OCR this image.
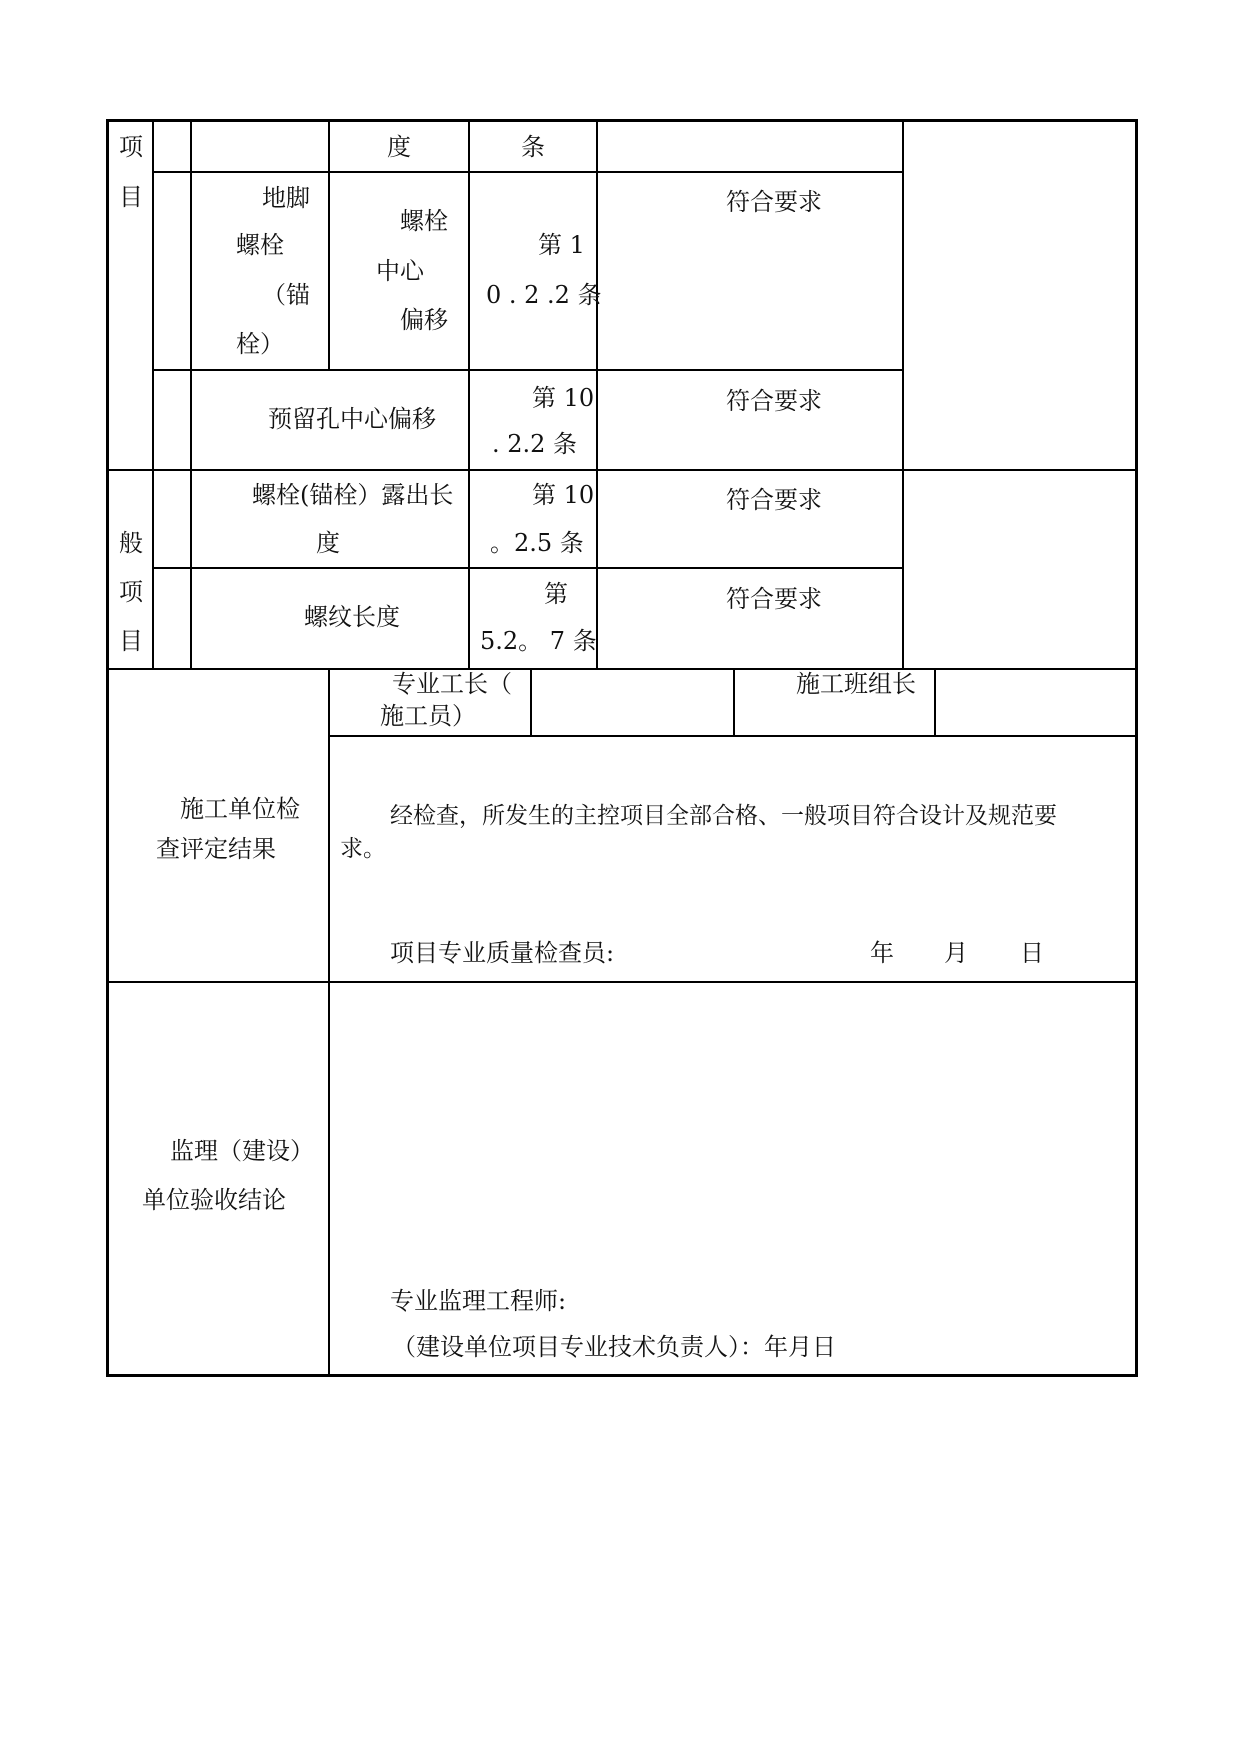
项
目
般
项
目
度	条
地脚
螺栓
（锚
栓）
螺栓
中心
偏移
第 1
0 . 2 .2 条
符合要求
预留孔中心偏移
第 10
. 2.2 条
符合要求
螺栓(锚栓）露出长
度
第 10
。2.5 条
符合要求
螺纹长度
第
5.2。 7 条
符合要求
专业工长（
施工员）
施工班组长
施工单位检
查评定结果
经检查，所发生的主控项目全部合格、一般项目符合设计及规范要
求。
项目专业质量检查员:	年 月 日
监理（建设）
单位验收结论
专业监理工程师:
（建设单位项目专业技术负责人）：年月日
